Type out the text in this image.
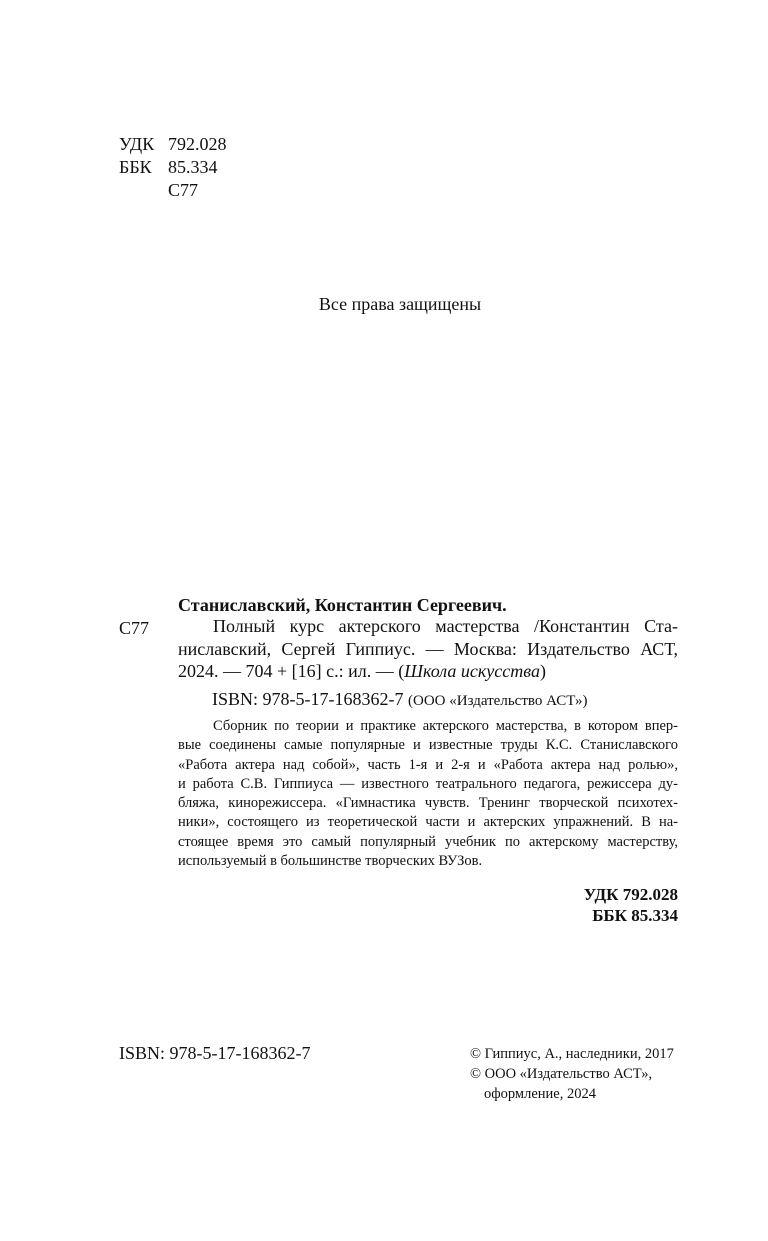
УДК 792.028
ББК 85.334
С77
Все права защищены
Станиславский, Константин Сергеевич.
С77	Полный курс актерского мастерства /Константин Ста-

ниславский, Сергей Гиппиус. — Москва: Издательство АСТ,

2024. — 704 + [16] с.: ил. — (Школа искусства)

ISBN: 978-5-17-168362-7 (ООО «Издательство АСТ»)

Сборник по теории и практике актерского мастерства, в котором впер-

вые соединены самые популярные и известные труды К.С. Станиславского

«Работа актера над собой», часть 1-я и 2-я и «Работа актера над ролью»,

и работа С.В. Гиппиуса — известного театрального педагога, режиссера ду-

бляжа, кинорежиссера. «Гимнастика чувств. Тренинг творческой психотех-

ники», состоящего из теоретической части и актерских упражнений. В на-

стоящее время это самый популярный учебник по актерскому мастерству,

используемый в большинстве творческих ВУЗов.

УДК 792.028
ББК 85.334
ISBN: 978-5-17-168362-7	© Гиппиус, А., наследники, 2017
© ООО «Издательство АСТ»,
оформление, 2024
